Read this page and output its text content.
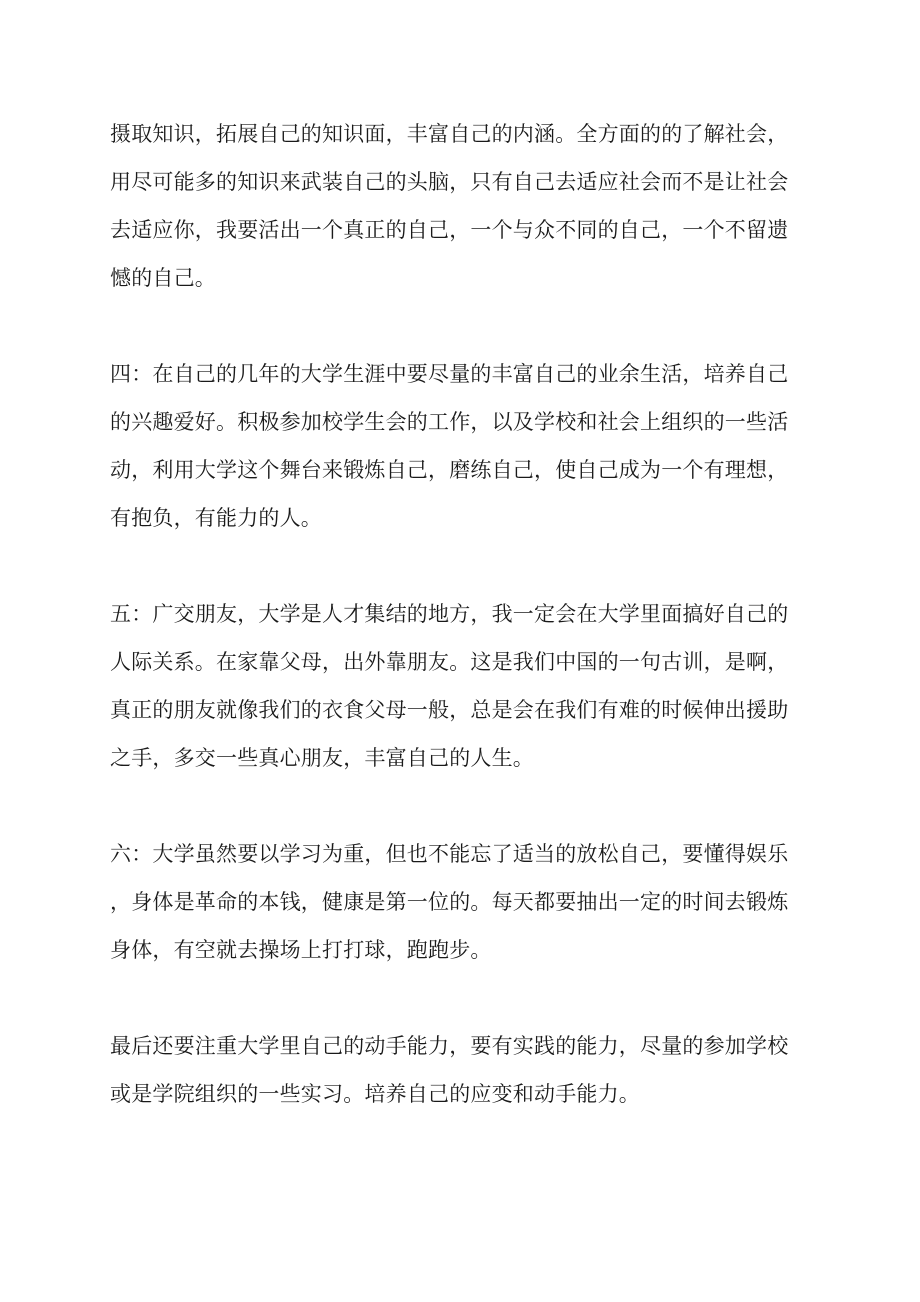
摄取知识，拓展自己的知识面，丰富自己的内涵。全方面的的了解社会，
用尽可能多的知识来武装自己的头脑，只有自己去适应社会而不是让社会
去适应你，我要活出一个真正的自己，一个与众不同的自己，一个不留遗
憾的自己。
四：在自己的几年的大学生涯中要尽量的丰富自己的业余生活，培养自己
的兴趣爱好。积极参加校学生会的工作，以及学校和社会上组织的一些活
动，利用大学这个舞台来锻炼自己，磨练自己，使自己成为一个有理想，
有抱负，有能力的人。
五：广交朋友，大学是人才集结的地方，我一定会在大学里面搞好自己的
人际关系。在家靠父母，出外靠朋友。这是我们中国的一句古训，是啊，
真正的朋友就像我们的衣食父母一般，总是会在我们有难的时候伸出援助
之手，多交一些真心朋友，丰富自己的人生。
六：大学虽然要以学习为重，但也不能忘了适当的放松自己，要懂得娱乐
，身体是革命的本钱，健康是第一位的。每天都要抽出一定的时间去锻炼
身体，有空就去操场上打打球，跑跑步。
最后还要注重大学里自己的动手能力，要有实践的能力，尽量的参加学校
或是学院组织的一些实习。培养自己的应变和动手能力。
